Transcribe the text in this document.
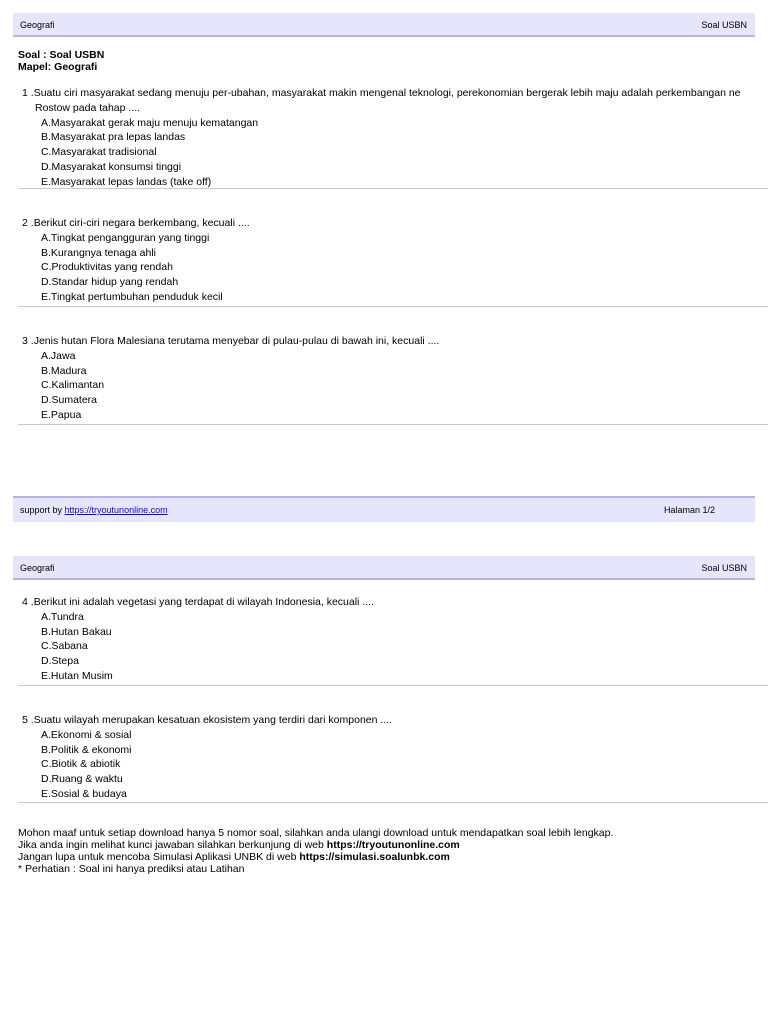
Geografi	Soal USBN
Soal : Soal USBN
Mapel: Geografi
1 .Suatu ciri masyarakat sedang menuju per-ubahan, masyarakat makin mengenal teknologi, perekonomian bergerak lebih maju adalah perkembangan ne
Rostow pada tahap ....
A.Masyarakat gerak maju menuju kematangan
B.Masyarakat pra lepas landas
C.Masyarakat tradisional
D.Masyarakat konsumsi tinggi
E.Masyarakat lepas landas (take off)
2 .Berikut ciri-ciri negara berkembang, kecuali ....
A.Tingkat pengangguran yang tinggi
B.Kurangnya tenaga ahli
C.Produktivitas yang rendah
D.Standar hidup yang rendah
E.Tingkat pertumbuhan penduduk kecil
3 .Jenis hutan Flora Malesiana terutama menyebar di pulau-pulau di bawah ini, kecuali ....
A.Jawa
B.Madura
C.Kalimantan
D.Sumatera
E.Papua
support by https://tryoutunonline.com	Halaman 1/2
Geografi	Soal USBN
4 .Berikut ini adalah vegetasi yang terdapat di wilayah Indonesia, kecuali ....
A.Tundra
B.Hutan Bakau
C.Sabana
D.Stepa
E.Hutan Musim
5 .Suatu wilayah merupakan kesatuan ekosistem yang terdiri dari komponen ....
A.Ekonomi & sosial
B.Politik & ekonomi
C.Biotik & abiotik
D.Ruang & waktu
E.Sosial & budaya
Mohon maaf untuk setiap download hanya 5 nomor soal, silahkan anda ulangi download untuk mendapatkan soal lebih lengkap.
Jika anda ingin melihat kunci jawaban silahkan berkunjung di web https://tryoutunonline.com
Jangan lupa untuk mencoba Simulasi Aplikasi UNBK di web https://simulasi.soalunbk.com
* Perhatian : Soal ini hanya prediksi atau Latihan
